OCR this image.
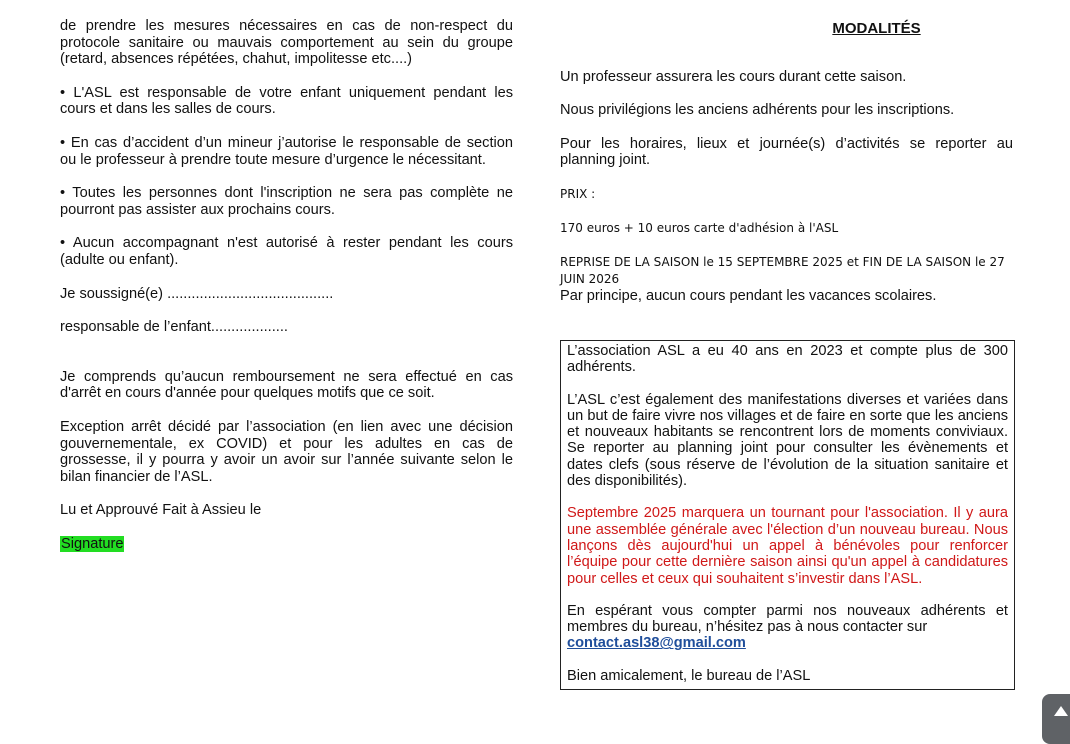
de prendre les mesures nécessaires en cas de non-respect du protocole sanitaire ou mauvais comportement au sein du groupe (retard, absences répétées, chahut, impolitesse etc....)

• L'ASL est responsable de votre enfant uniquement pendant les cours et dans les salles de cours.

• En cas d’accident d’un mineur j’autorise le responsable de section ou le professeur à prendre toute mesure d’urgence le nécessitant.

• Toutes les personnes dont l'inscription ne sera pas complète ne pourront pas assister aux prochains cours.

• Aucun accompagnant n'est autorisé à rester pendant les cours (adulte ou enfant).

Je soussigné(e) .........................................

responsable de l’enfant...................

Je comprends qu’aucun remboursement ne sera effectué en cas d'arrêt en cours d'année pour quelques motifs que ce soit.

Exception arrêt décidé par l’association (en lien avec une décision gouvernementale, ex COVID) et pour les adultes en cas de grossesse, il y pourra y avoir un avoir sur l’année suivante selon le bilan financier de l’ASL.

Lu et Approuvé Fait à Assieu le

Signature

MODALITÉS

Un professeur assurera les cours durant cette saison.

Nous privilégions les anciens adhérents pour les inscriptions.

Pour les horaires, lieux et journée(s) d’activités se reporter au planning joint.

PRIX :

170 euros + 10 euros carte d'adhésion à l'ASL

REPRISE DE LA SAISON le 15 SEPTEMBRE 2025 et FIN DE LA SAISON le 27 JUIN 2026

Par principe, aucun cours pendant les vacances scolaires.

L’association ASL a eu 40 ans en 2023 et compte plus de 300 adhérents.

L’ASL c’est également des manifestations diverses et variées dans un but de faire vivre nos villages et de faire en sorte que les anciens et nouveaux habitants se rencontrent lors de moments conviviaux. Se reporter au planning joint pour consulter les évènements et dates clefs (sous réserve de l’évolution de la situation sanitaire et des disponibilités).

Septembre 2025 marquera un tournant pour l'association. Il y aura une assemblée générale avec l'élection d’un nouveau bureau. Nous lançons dès aujourd'hui un appel à bénévoles pour renforcer l’équipe pour cette dernière saison ainsi qu'un appel à candidatures pour celles et ceux qui souhaitent s’investir dans l’ASL.

En espérant vous compter parmi nos nouveaux adhérents et membres du bureau, n’hésitez pas à nous contacter sur
contact.asl38@gmail.com

Bien amicalement, le bureau de l’ASL
